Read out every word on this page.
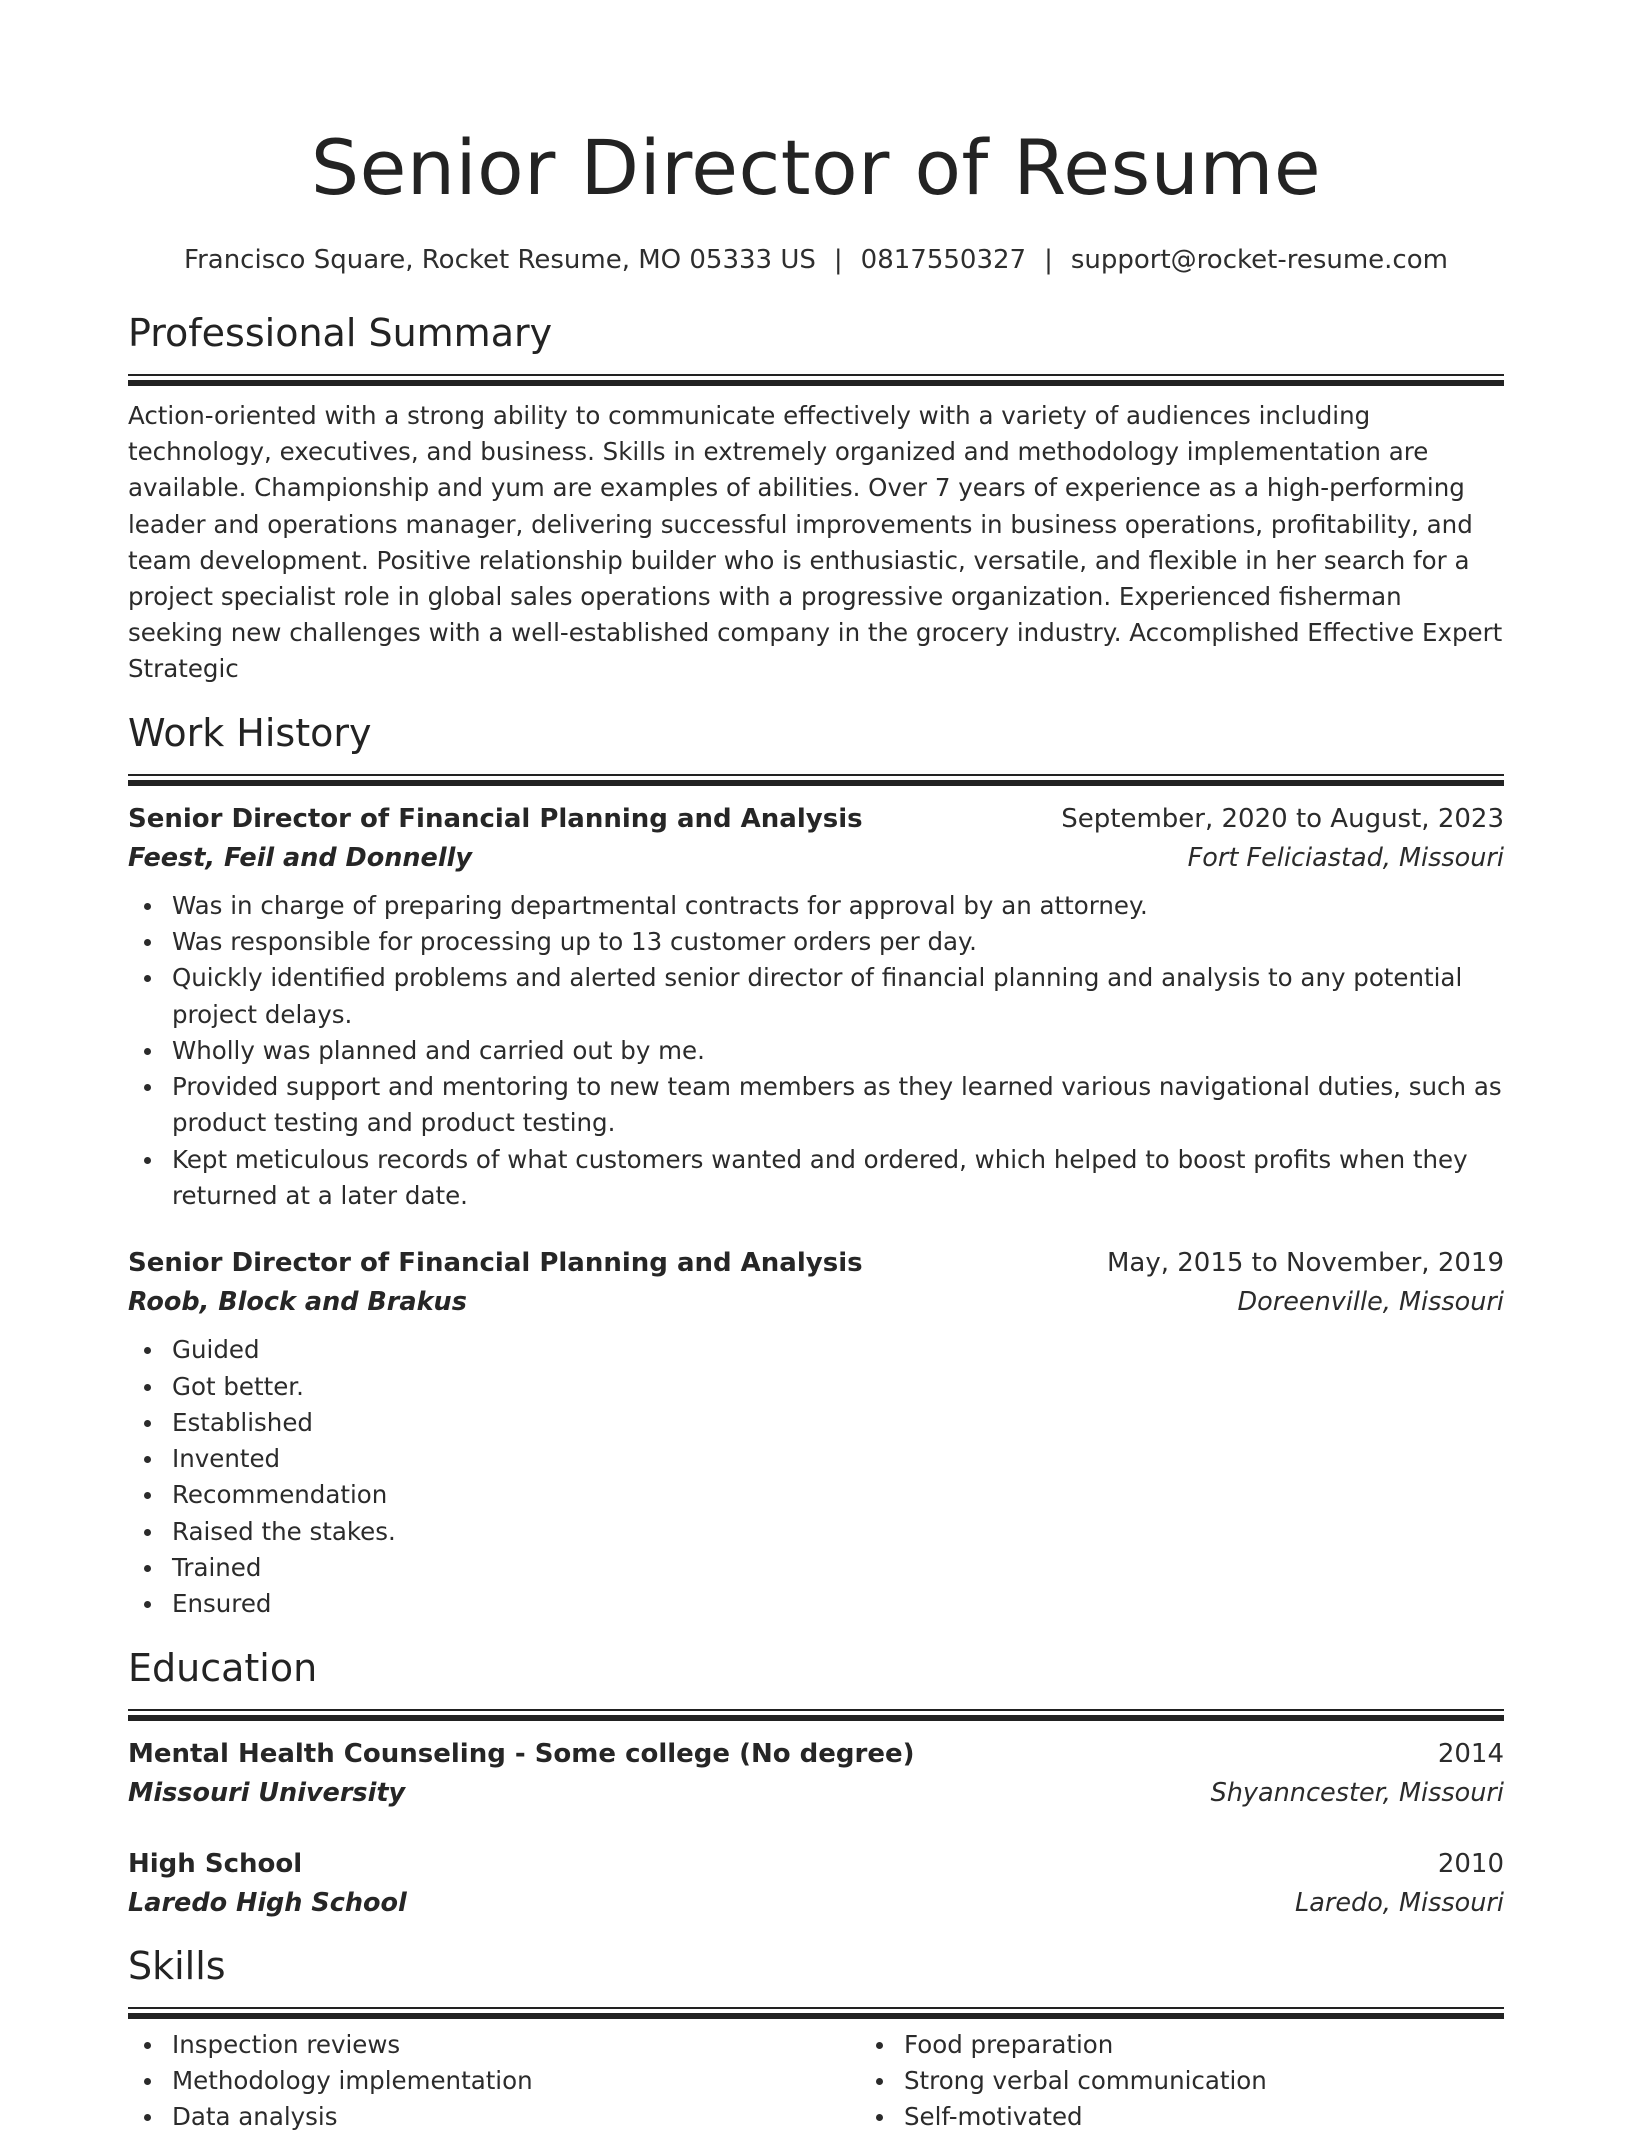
Senior Director of Resume
Francisco Square, Rocket Resume, MO 05333 US | 0817550327 | support@rocket-resume.com
Professional Summary

Action-oriented with a strong ability to communicate effectively with a variety of audiences including technology, executives, and business. Skills in extremely organized and methodology implementation are available. Championship and yum are examples of abilities. Over 7 years of experience as a high-performing leader and operations manager, delivering successful improvements in business operations, profitability, and team development. Positive relationship builder who is enthusiastic, versatile, and flexible in her search for a project specialist role in global sales operations with a progressive organization. Experienced fisherman seeking new challenges with a well-established company in the grocery industry. Accomplished Effective Expert Strategic

Work History
Senior Director of Financial Planning and Analysis	September, 2020 to August, 2023
Feest, Feil and Donnelly	Fort Feliciastad, Missouri
Was in charge of preparing departmental contracts for approval by an attorney.
Was responsible for processing up to 13 customer orders per day.
Quickly identified problems and alerted senior director of financial planning and analysis to any potential project delays.
Wholly was planned and carried out by me.
Provided support and mentoring to new team members as they learned various navigational duties, such as product testing and product testing.
Kept meticulous records of what customers wanted and ordered, which helped to boost profits when they returned at a later date.
Senior Director of Financial Planning and Analysis	May, 2015 to November, 2019
Roob, Block and Brakus	Doreenville, Missouri
Guided
Got better.
Established
Invented
Recommendation
Raised the stakes.
Trained
Ensured
Education
Mental Health Counseling - Some college (No degree)	2014
Missouri University	Shyanncester, Missouri
High School	2010
Laredo High School	Laredo, Missouri
Skills
Inspection reviews
Methodology implementation
Data analysis
Food preparation
Strong verbal communication
Self-motivated
